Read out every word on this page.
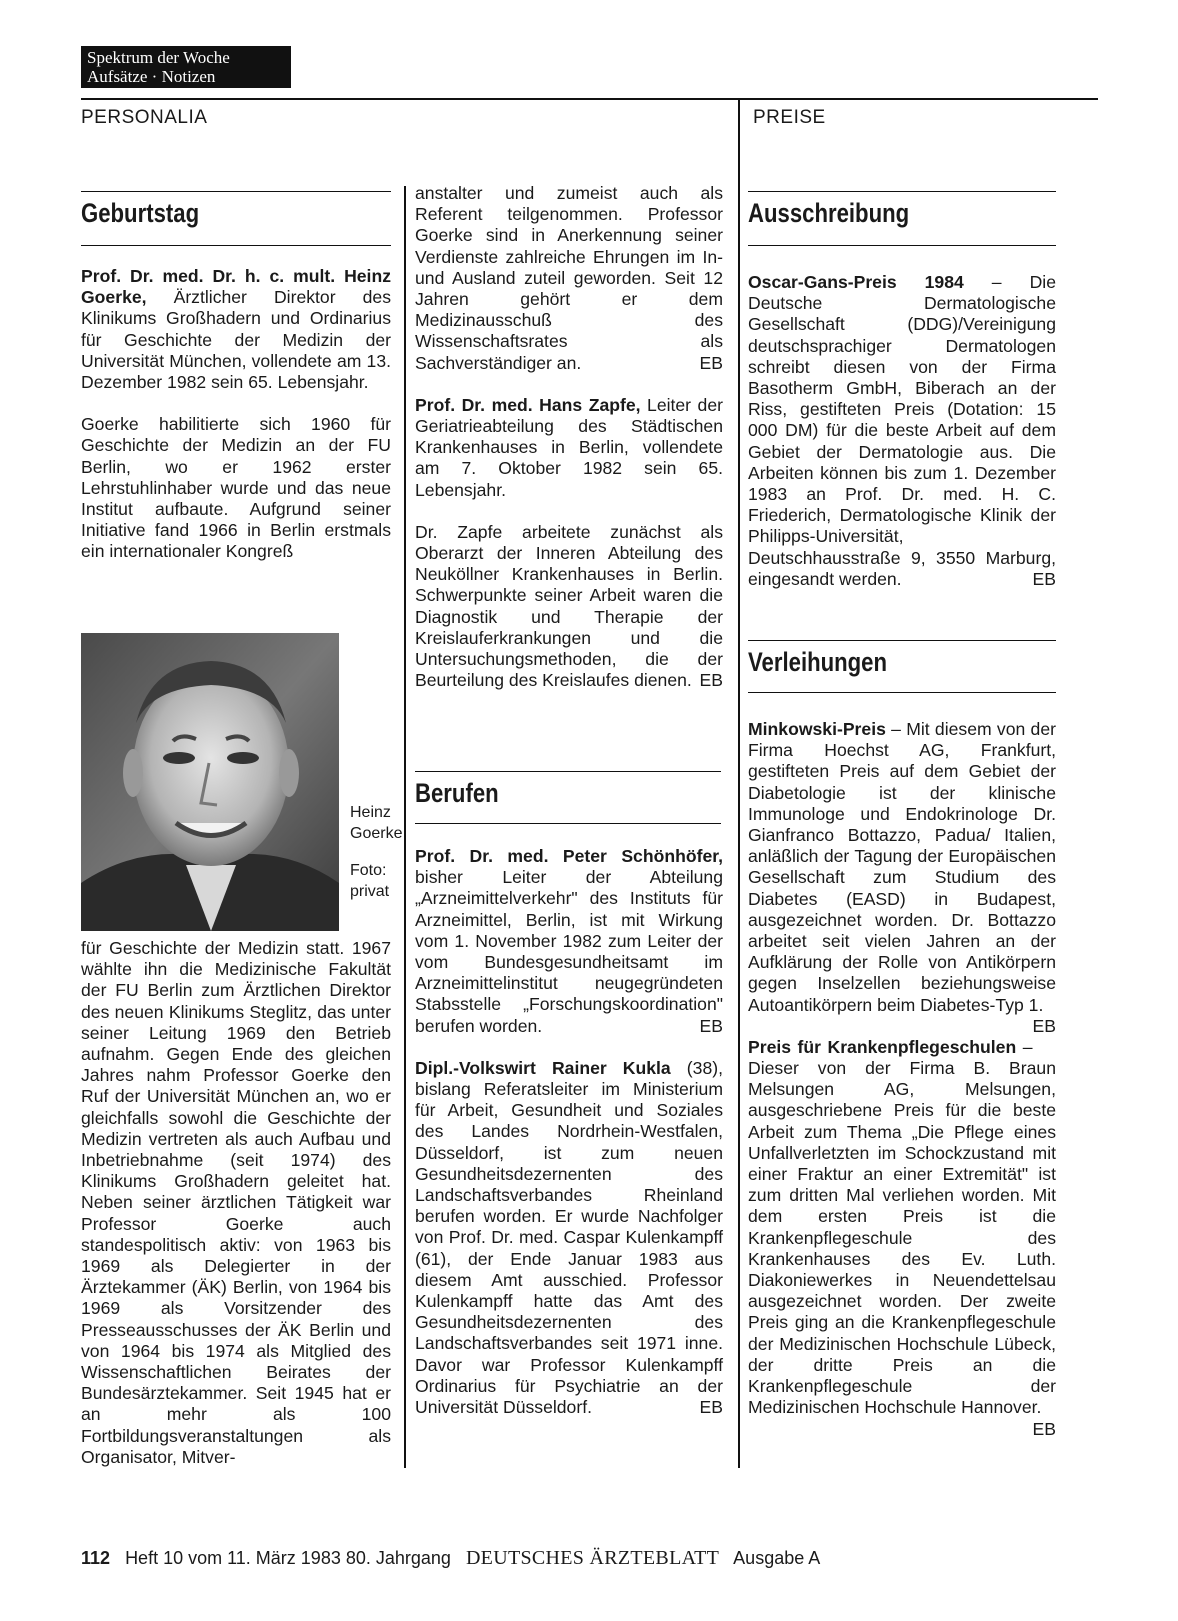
Spektrum der Woche
Aufsätze · Notizen
PERSONALIA	PREISE
Geburtstag

Prof. Dr. med. Dr. h. c. mult. Heinz Goerke, Ärztlicher Direktor des Klinikums Großhadern und Ordinarius für Geschichte der Medizin der Universität München, vollendete am 13. Dezember 1982 sein 65. Lebensjahr.

Goerke habilitierte sich 1960 für Geschichte der Medizin an der FU Berlin, wo er 1962 erster Lehrstuhlinhaber wurde und das neue Institut aufbaute. Aufgrund seiner Initiative fand 1966 in Berlin erstmals ein internationaler Kongreß

Heinz Goerke
Foto: privat

für Geschichte der Medizin statt. 1967 wählte ihn die Medizinische Fakultät der FU Berlin zum Ärztlichen Direktor des neuen Klinikums Steglitz, das unter seiner Leitung 1969 den Betrieb aufnahm. Gegen Ende des gleichen Jahres nahm Professor Goerke den Ruf der Universität München an, wo er gleichfalls sowohl die Geschichte der Medizin vertreten als auch Aufbau und Inbetriebnahme (seit 1974) des Klinikums Großhadern geleitet hat. Neben seiner ärztlichen Tätigkeit war Professor Goerke auch standespolitisch aktiv: von 1963 bis 1969 als Delegierter in der Ärztekammer (ÄK) Berlin, von 1964 bis 1969 als Vorsitzender des Presseausschusses der ÄK Berlin und von 1964 bis 1974 als Mitglied des Wissenschaftlichen Beirates der Bundesärztekammer. Seit 1945 hat er an mehr als 100 Fortbildungsveranstaltungen als Organisator, Mitver-

anstalter und zumeist auch als Referent teilgenommen. Professor Goerke sind in Anerkennung seiner Verdienste zahlreiche Ehrungen im In- und Ausland zuteil geworden. Seit 12 Jahren gehört er dem Medizinausschuß des Wissenschaftsrates als Sachverständiger an.	EB

Prof. Dr. med. Hans Zapfe, Leiter der Geriatrieabteilung des Städtischen Krankenhauses in Berlin, vollendete am 7. Oktober 1982 sein 65. Lebensjahr.

Dr. Zapfe arbeitete zunächst als Oberarzt der Inneren Abteilung des Neuköllner Krankenhauses in Berlin. Schwerpunkte seiner Arbeit waren die Diagnostik und Therapie der Kreislauferkrankungen und die Untersuchungsmethoden, die der Beurteilung des Kreislaufes dienen. EB

Berufen

Prof. Dr. med. Peter Schönhöfer, bisher Leiter der Abteilung „Arzneimittelverkehr" des Instituts für Arzneimittel, Berlin, ist mit Wirkung vom 1. November 1982 zum Leiter der vom Bundesgesundheitsamt im Arzneimittelinstitut neugegründeten Stabsstelle „Forschungskoordination" berufen worden.	EB

Dipl.-Volkswirt Rainer Kukla (38), bislang Referatsleiter im Ministerium für Arbeit, Gesundheit und Soziales des Landes Nordrhein-Westfalen, Düsseldorf, ist zum neuen Gesundheitsdezernenten des Landschaftsverbandes Rheinland berufen worden. Er wurde Nachfolger von Prof. Dr. med. Caspar Kulenkampff (61), der Ende Januar 1983 aus diesem Amt ausschied. Professor Kulenkampff hatte das Amt des Gesundheitsdezernenten des Landschaftsverbandes seit 1971 inne. Davor war Professor Kulenkampff Ordinarius für Psychiatrie an der Universität Düsseldorf.	EB

Ausschreibung

Oscar-Gans-Preis 1984 – Die Deutsche Dermatologische Gesellschaft (DDG)/Vereinigung deutschsprachiger Dermatologen schreibt diesen von der Firma Basotherm GmbH, Biberach an der Riss, gestifteten Preis (Dotation: 15 000 DM) für die beste Arbeit auf dem Gebiet der Dermatologie aus. Die Arbeiten können bis zum 1. Dezember 1983 an Prof. Dr. med. H. C. Friederich, Dermatologische Klinik der Philipps-Universität, Deutschhausstraße 9, 3550 Marburg, eingesandt werden.	EB

Verleihungen

Minkowski-Preis – Mit diesem von der Firma Hoechst AG, Frankfurt, gestifteten Preis auf dem Gebiet der Diabetologie ist der klinische Immunologe und Endokrinologe Dr. Gianfranco Bottazzo, Padua/ Italien, anläßlich der Tagung der Europäischen Gesellschaft zum Studium des Diabetes (EASD) in Budapest, ausgezeichnet worden. Dr. Bottazzo arbeitet seit vielen Jahren an der Aufklärung der Rolle von Antikörpern gegen Inselzellen beziehungsweise Autoantikörpern beim Diabetes-Typ 1.
EB

Preis für Krankenpflegeschulen – Dieser von der Firma B. Braun Melsungen AG, Melsungen, ausgeschriebene Preis für die beste Arbeit zum Thema „Die Pflege eines Unfallverletzten im Schockzustand mit einer Fraktur an einer Extremität" ist zum dritten Mal verliehen worden. Mit dem ersten Preis ist die Krankenpflegeschule des Krankenhauses des Ev. Luth. Diakoniewerkes in Neuendettelsau ausgezeichnet worden. Der zweite Preis ging an die Krankenpflegeschule der Medizinischen Hochschule Lübeck, der dritte Preis an die Krankenpflegeschule der Medizinischen Hochschule Hannover.
EB

112 Heft 10 vom 11. März 1983 80. Jahrgang DEUTSCHES ÄRZTEBLATT Ausgabe A
